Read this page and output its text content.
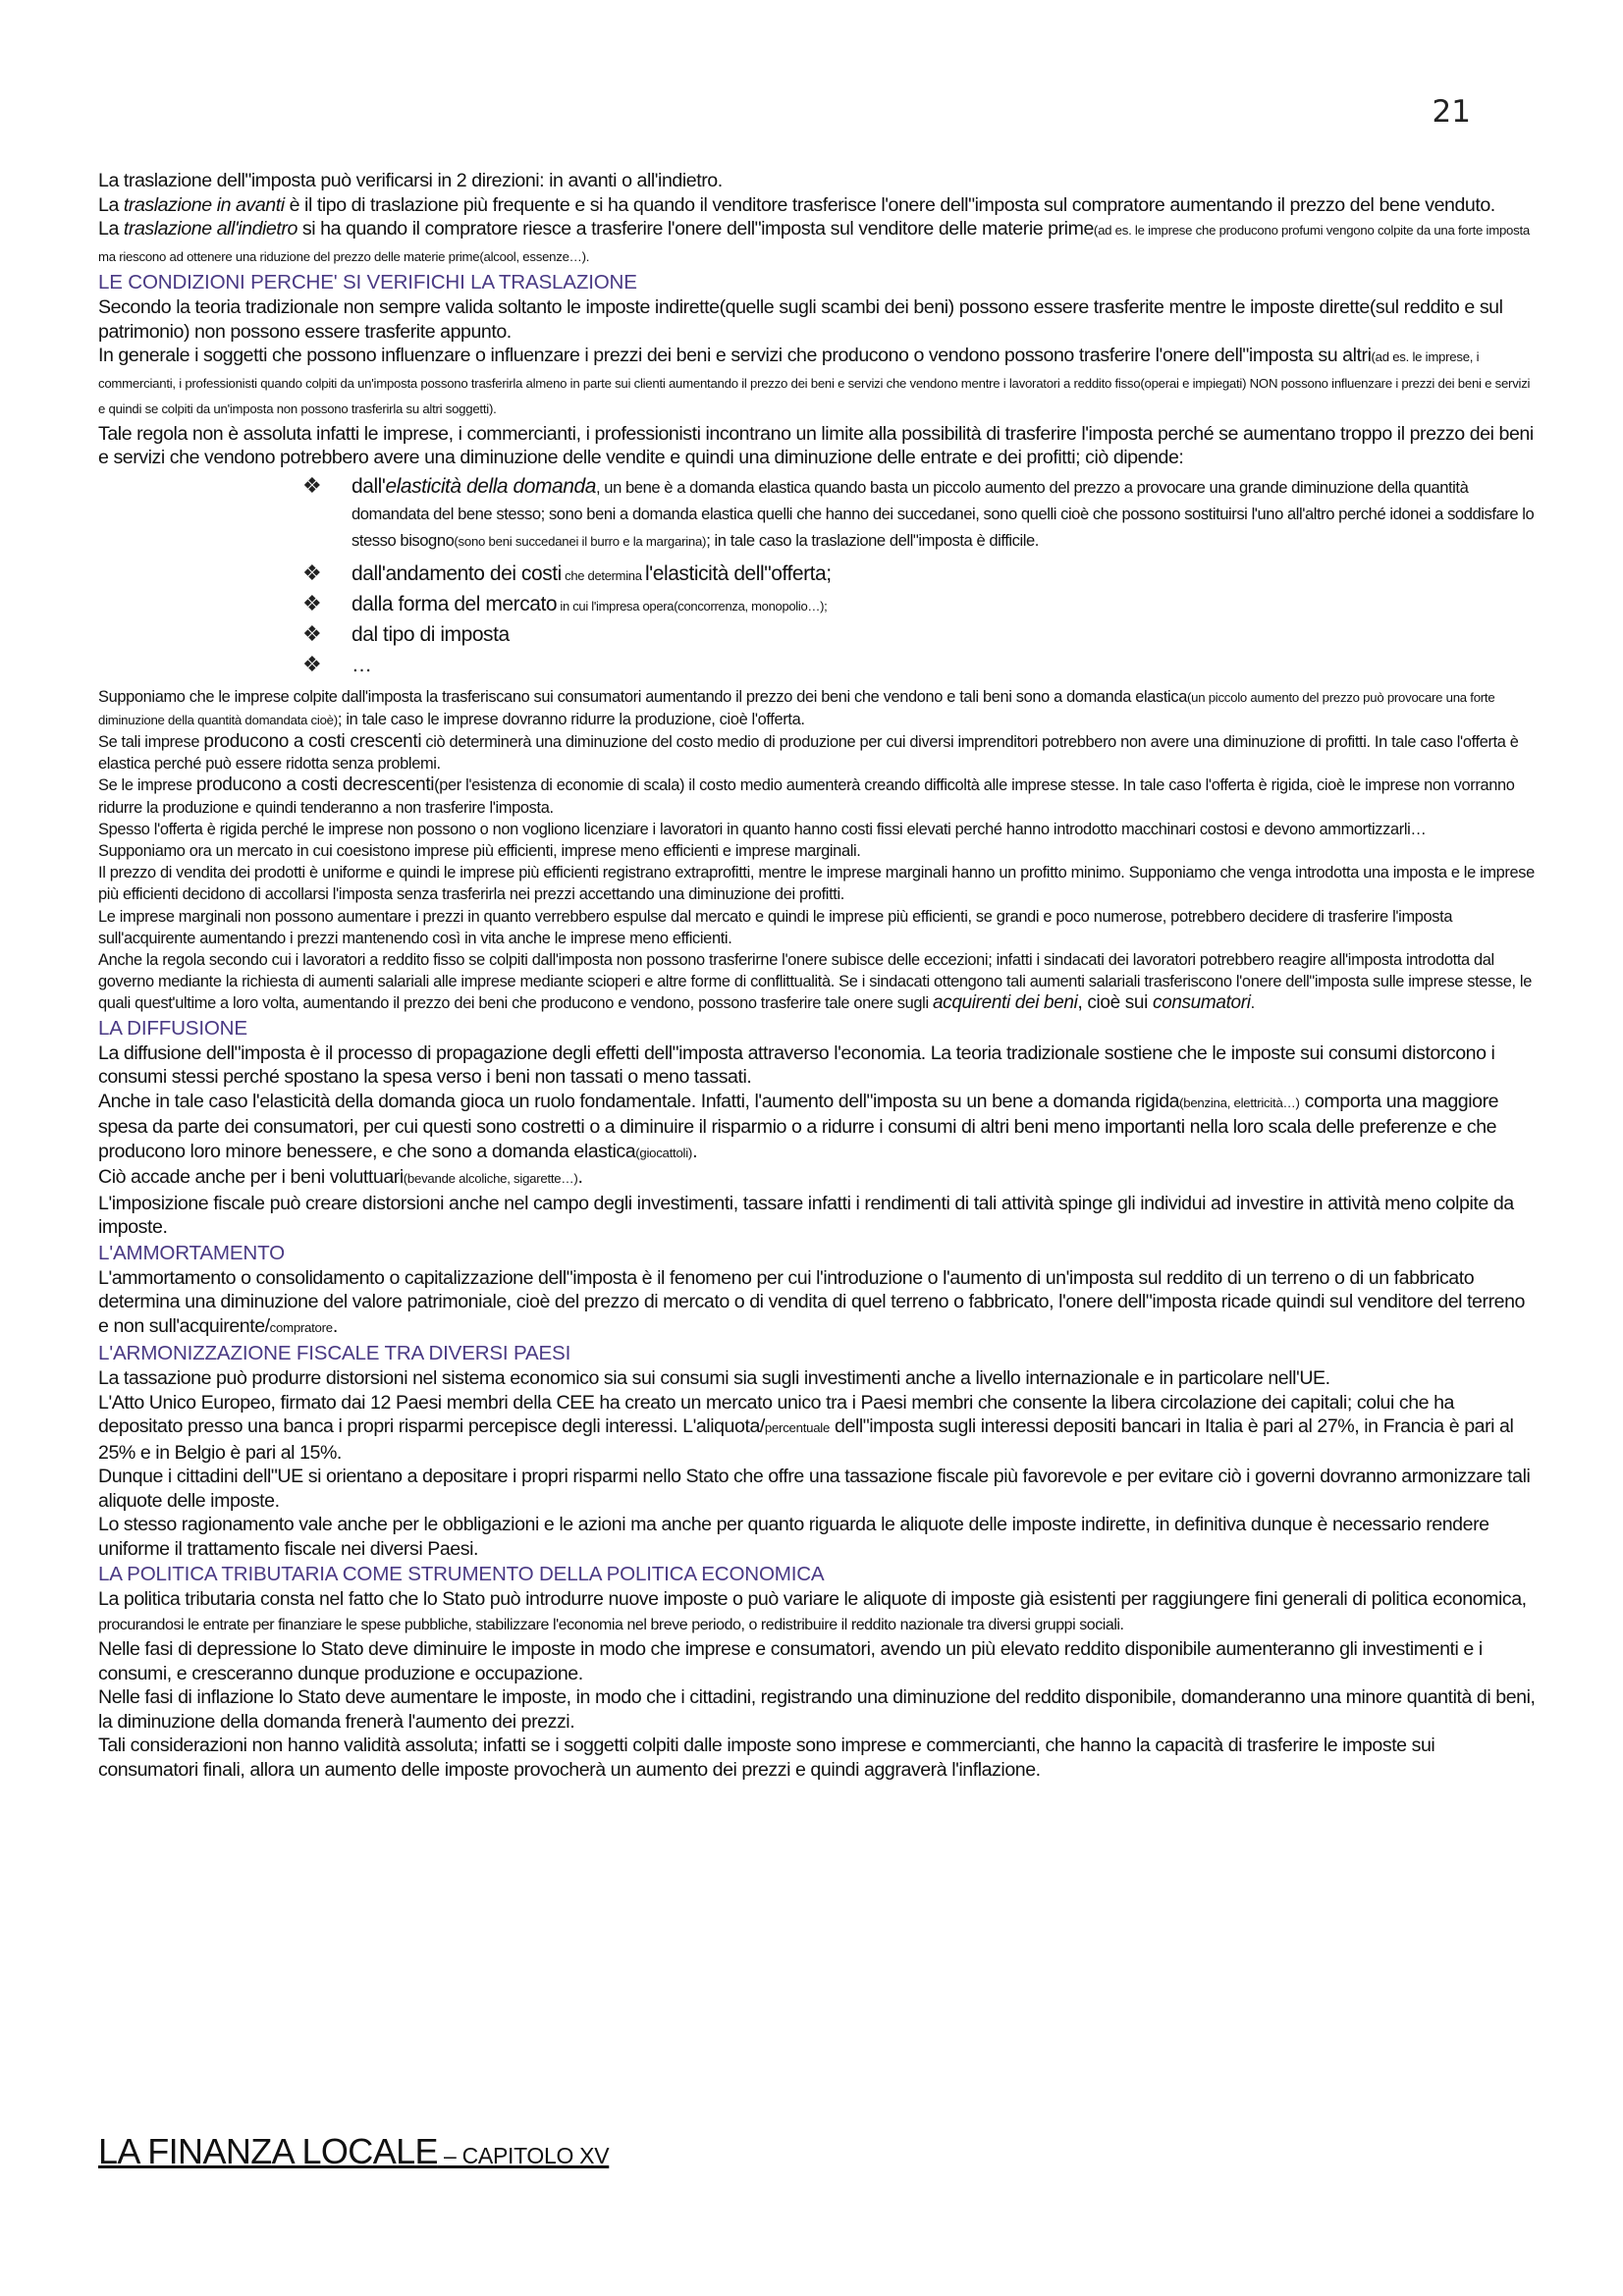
21

La traslazione dell"imposta può verificarsi in 2 direzioni: in avanti o all'indietro.

La traslazione in avanti è il tipo di traslazione più frequente e si ha quando il venditore trasferisce l'onere dell"imposta sul compratore aumentando il prezzo del bene venduto.

La traslazione all'indietro si ha quando il compratore riesce a trasferire l'onere dell"imposta sul venditore delle materie prime(ad es. le imprese che producono profumi vengono colpite da una forte imposta ma riescono ad ottenere una riduzione del prezzo delle materie prime(alcool, essenze…).

LE CONDIZIONI PERCHE' SI VERIFICHI LA TRASLAZIONE

Secondo la teoria tradizionale non sempre valida soltanto le imposte indirette(quelle sugli scambi dei beni) possono essere trasferite mentre le imposte dirette(sul reddito e sul patrimonio) non possono essere trasferite appunto.

In generale i soggetti che possono influenzare o influenzare i prezzi dei beni e servizi che producono o vendono possono trasferire l'onere dell"imposta su altri(ad es. le imprese, i commercianti, i professionisti quando colpiti da un'imposta possono trasferirla almeno in parte sui clienti aumentando il prezzo dei beni e servizi che vendono mentre i lavoratori a reddito fisso(operai e impiegati) NON possono influenzare i prezzi dei beni e servizi e quindi se colpiti da un'imposta non possono trasferirla su altri soggetti).

Tale regola non è assoluta infatti le imprese, i commercianti, i professionisti incontrano un limite alla possibilità di trasferire l'imposta perché se aumentano troppo il prezzo dei beni e servizi che vendono potrebbero avere una diminuzione delle vendite e quindi una diminuzione delle entrate e dei profitti; ciò dipende:

❖ dall'elasticità della domanda, un bene è a domanda elastica quando basta un piccolo aumento del prezzo a provocare una grande diminuzione della quantità domandata del bene stesso; sono beni a domanda elastica quelli che hanno dei succedanei, sono quelli cioè che possono sostituirsi l'uno all'altro perché idonei a soddisfare lo stesso bisogno(sono beni succedanei il burro e la margarina); in tale caso la traslazione dell"imposta è difficile.
❖ dall'andamento dei costi che determina l'elasticità dell"offerta;
❖ dalla forma del mercato in cui l'impresa opera(concorrenza, monopolio…);
❖ dal tipo di imposta
❖ …

Supponiamo che le imprese colpite dall'imposta la trasferiscano sui consumatori aumentando il prezzo dei beni che vendono e tali beni sono a domanda elastica(un piccolo aumento del prezzo può provocare una forte diminuzione della quantità domandata cioè); in tale caso le imprese dovranno ridurre la produzione, cioè l'offerta.

Se tali imprese producono a costi crescenti ciò determinerà una diminuzione del costo medio di produzione per cui diversi imprenditori potrebbero non avere una diminuzione di profitti. In tale caso l'offerta è elastica perché può essere ridotta senza problemi.

Se le imprese producono a costi decrescenti(per l'esistenza di economie di scala) il costo medio aumenterà creando difficoltà alle imprese stesse. In tale caso l'offerta è rigida, cioè le imprese non vorranno ridurre la produzione e quindi tenderanno a non trasferire l'imposta.

Spesso l'offerta è rigida perché le imprese non possono o non vogliono licenziare i lavoratori in quanto hanno costi fissi elevati perché hanno introdotto macchinari costosi e devono ammortizzarli…

Supponiamo ora un mercato in cui coesistono imprese più efficienti, imprese meno efficienti e imprese marginali.

Il prezzo di vendita dei prodotti è uniforme e quindi le imprese più efficienti registrano extraprofitti, mentre le imprese marginali hanno un profitto minimo. Supponiamo che venga introdotta una imposta e le imprese più efficienti decidono di accollarsi l'imposta senza trasferirla nei prezzi accettando una diminuzione dei profitti.

Le imprese marginali non possono aumentare i prezzi in quanto verrebbero espulse dal mercato e quindi le imprese più efficienti, se grandi e poco numerose, potrebbero decidere di trasferire l'imposta sull'acquirente aumentando i prezzi mantenendo così in vita anche le imprese meno efficienti.

Anche la regola secondo cui i lavoratori a reddito fisso se colpiti dall'imposta non possono trasferirne l'onere subisce delle eccezioni; infatti i sindacati dei lavoratori potrebbero reagire all'imposta introdotta dal governo mediante la richiesta di aumenti salariali alle imprese mediante scioperi e altre forme di conflittualità. Se i sindacati ottengono tali aumenti salariali trasferiscono l'onere dell"imposta sulle imprese stesse, le quali quest'ultime a loro volta, aumentando il prezzo dei beni che producono e vendono, possono trasferire tale onere sugli acquirenti dei beni, cioè sui consumatori.

LA DIFFUSIONE

La diffusione dell"imposta è il processo di propagazione degli effetti dell"imposta attraverso l'economia. La teoria tradizionale sostiene che le imposte sui consumi distorcono i consumi stessi perché spostano la spesa verso i beni non tassati o meno tassati.

Anche in tale caso l'elasticità della domanda gioca un ruolo fondamentale. Infatti, l'aumento dell"imposta su un bene a domanda rigida(benzina, elettricità…) comporta una maggiore spesa da parte dei consumatori, per cui questi sono costretti o a diminuire il risparmio o a ridurre i consumi di altri beni meno importanti nella loro scala delle preferenze e che producono loro minore benessere, e che sono a domanda elastica(giocattoli).

Ciò accade anche per i beni voluttuari(bevande alcoliche, sigarette…).

L'imposizione fiscale può creare distorsioni anche nel campo degli investimenti, tassare infatti i rendimenti di tali attività spinge gli individui ad investire in attività meno colpite da imposte.

L'AMMORTAMENTO

L'ammortamento o consolidamento o capitalizzazione dell"imposta è il fenomeno per cui l'introduzione o l'aumento di un'imposta sul reddito di un terreno o di un fabbricato determina una diminuzione del valore patrimoniale, cioè del prezzo di mercato o di vendita di quel terreno o fabbricato, l'onere dell"imposta ricade quindi sul venditore del terreno e non sull'acquirente/compratore.

L'ARMONIZZAZIONE FISCALE TRA DIVERSI PAESI

La tassazione può produrre distorsioni nel sistema economico sia sui consumi sia sugli investimenti anche a livello internazionale e in particolare nell'UE.

L'Atto Unico Europeo, firmato dai 12 Paesi membri della CEE ha creato un mercato unico tra i Paesi membri che consente la libera circolazione dei capitali; colui che ha depositato presso una banca i propri risparmi percepisce degli interessi. L'aliquota/percentuale dell"imposta sugli interessi depositi bancari in Italia è pari al 27%, in Francia è pari al 25% e in Belgio è pari al 15%.

Dunque i cittadini dell"UE si orientano a depositare i propri risparmi nello Stato che offre una tassazione fiscale più favorevole e per evitare ciò i governi dovranno armonizzare tali aliquote delle imposte.

Lo stesso ragionamento vale anche per le obbligazioni e le azioni ma anche per quanto riguarda le aliquote delle imposte indirette, in definitiva dunque è necessario rendere uniforme il trattamento fiscale nei diversi Paesi.

LA POLITICA TRIBUTARIA COME STRUMENTO DELLA POLITICA ECONOMICA

La politica tributaria consta nel fatto che lo Stato può introdurre nuove imposte o può variare le aliquote di imposte già esistenti per raggiungere fini generali di politica economica, procurandosi le entrate per finanziare le spese pubbliche, stabilizzare l'economia nel breve periodo, o redistribuire il reddito nazionale tra diversi gruppi sociali.

Nelle fasi di depressione lo Stato deve diminuire le imposte in modo che imprese e consumatori, avendo un più elevato reddito disponibile aumenteranno gli investimenti e i consumi, e cresceranno dunque produzione e occupazione.

Nelle fasi di inflazione lo Stato deve aumentare le imposte, in modo che i cittadini, registrando una diminuzione del reddito disponibile, domanderanno una minore quantità di beni, la diminuzione della domanda frenerà l'aumento dei prezzi.

Tali considerazioni non hanno validità assoluta; infatti se i soggetti colpiti dalle imposte sono imprese e commercianti, che hanno la capacità di trasferire le imposte sui consumatori finali, allora un aumento delle imposte provocherà un aumento dei prezzi e quindi aggraverà l'inflazione.

LA FINANZA LOCALE – CAPITOLO XV
